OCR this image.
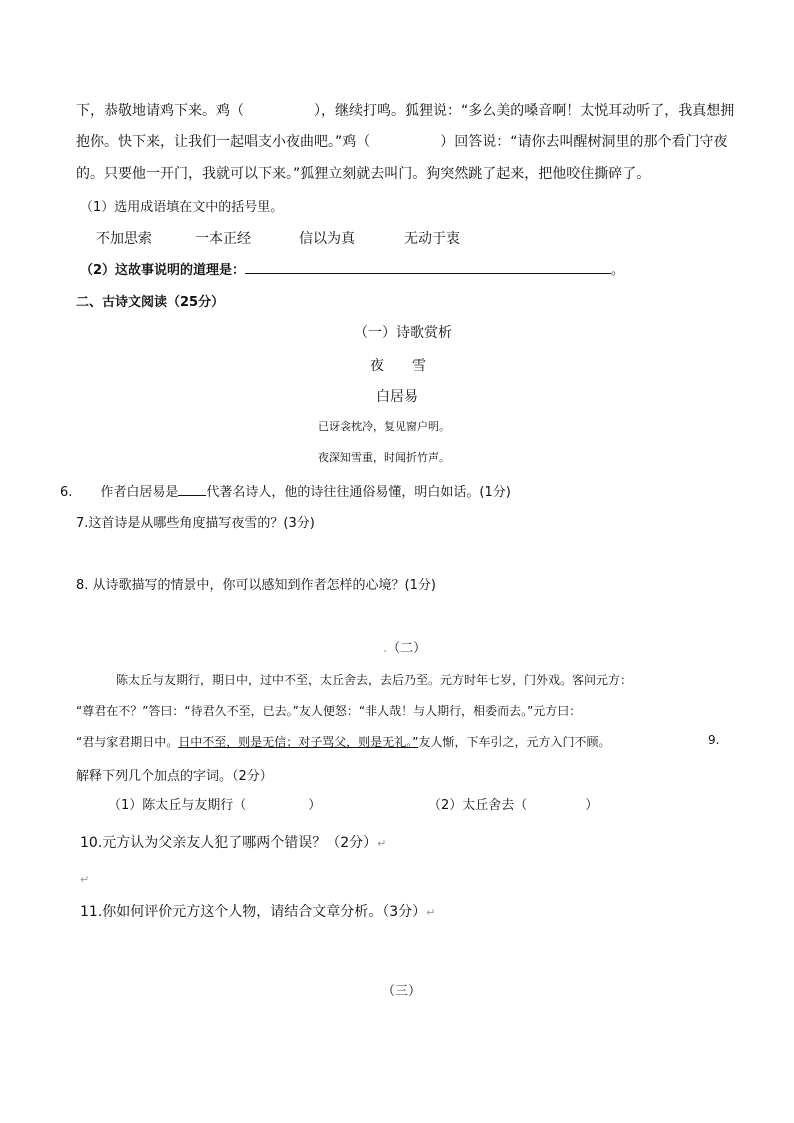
下，恭敬地请鸡下来。鸡（	），继续打鸣。狐狸说：“多么美的嗓音啊！太悦耳动听了，我真想拥
抱你。快下来，让我们一起唱支小夜曲吧。”鸡（	）回答说：“请你去叫醒树洞里的那个看门守夜
的。只要他一开门，我就可以下来。”狐狸立刻就去叫门。狗突然跳了起来，把他咬住撕碎了。
（1）选用成语填在文中的括号里。
不加思索	一本正经	信以为真	无动于衷
（2）这故事说明的道理是：	。
二、古诗文阅读（25分）
（一）诗歌赏析
夜　　雪
白居易
已讶衾枕冷，复见窗户明。
夜深知雪重，时闻折竹声。
6. 作者白居易是 代著名诗人，他的诗往往通俗易懂，明白如话。(1分)
7.这首诗是从哪些角度描写夜雪的？(3分)
8. 从诗歌描写的情景中，你可以感知到作者怎样的心境？(1分)
.（二）
陈太丘与友期行，期日中，过中不至，太丘舍去，去后乃至。元方时年七岁，门外戏。客问元方：
“尊君在不？”答曰：“待君久不至，已去。”友人便怒：“非人哉！与人期行，相委而去。”元方曰：
“君与家君期日中。日中不至，则是无信；对子骂父，则是无礼。”友人惭，下车引之，元方入门不顾。	9.
解释下列几个加点的字词。（2分）
（1）陈太丘与友期行（	）	（2）太丘舍去（	）
10.元方认为父亲友人犯了哪两个错误？（2分）↵
↵
11.你如何评价元方这个人物，请结合文章分析。（3分）↵
（三）
